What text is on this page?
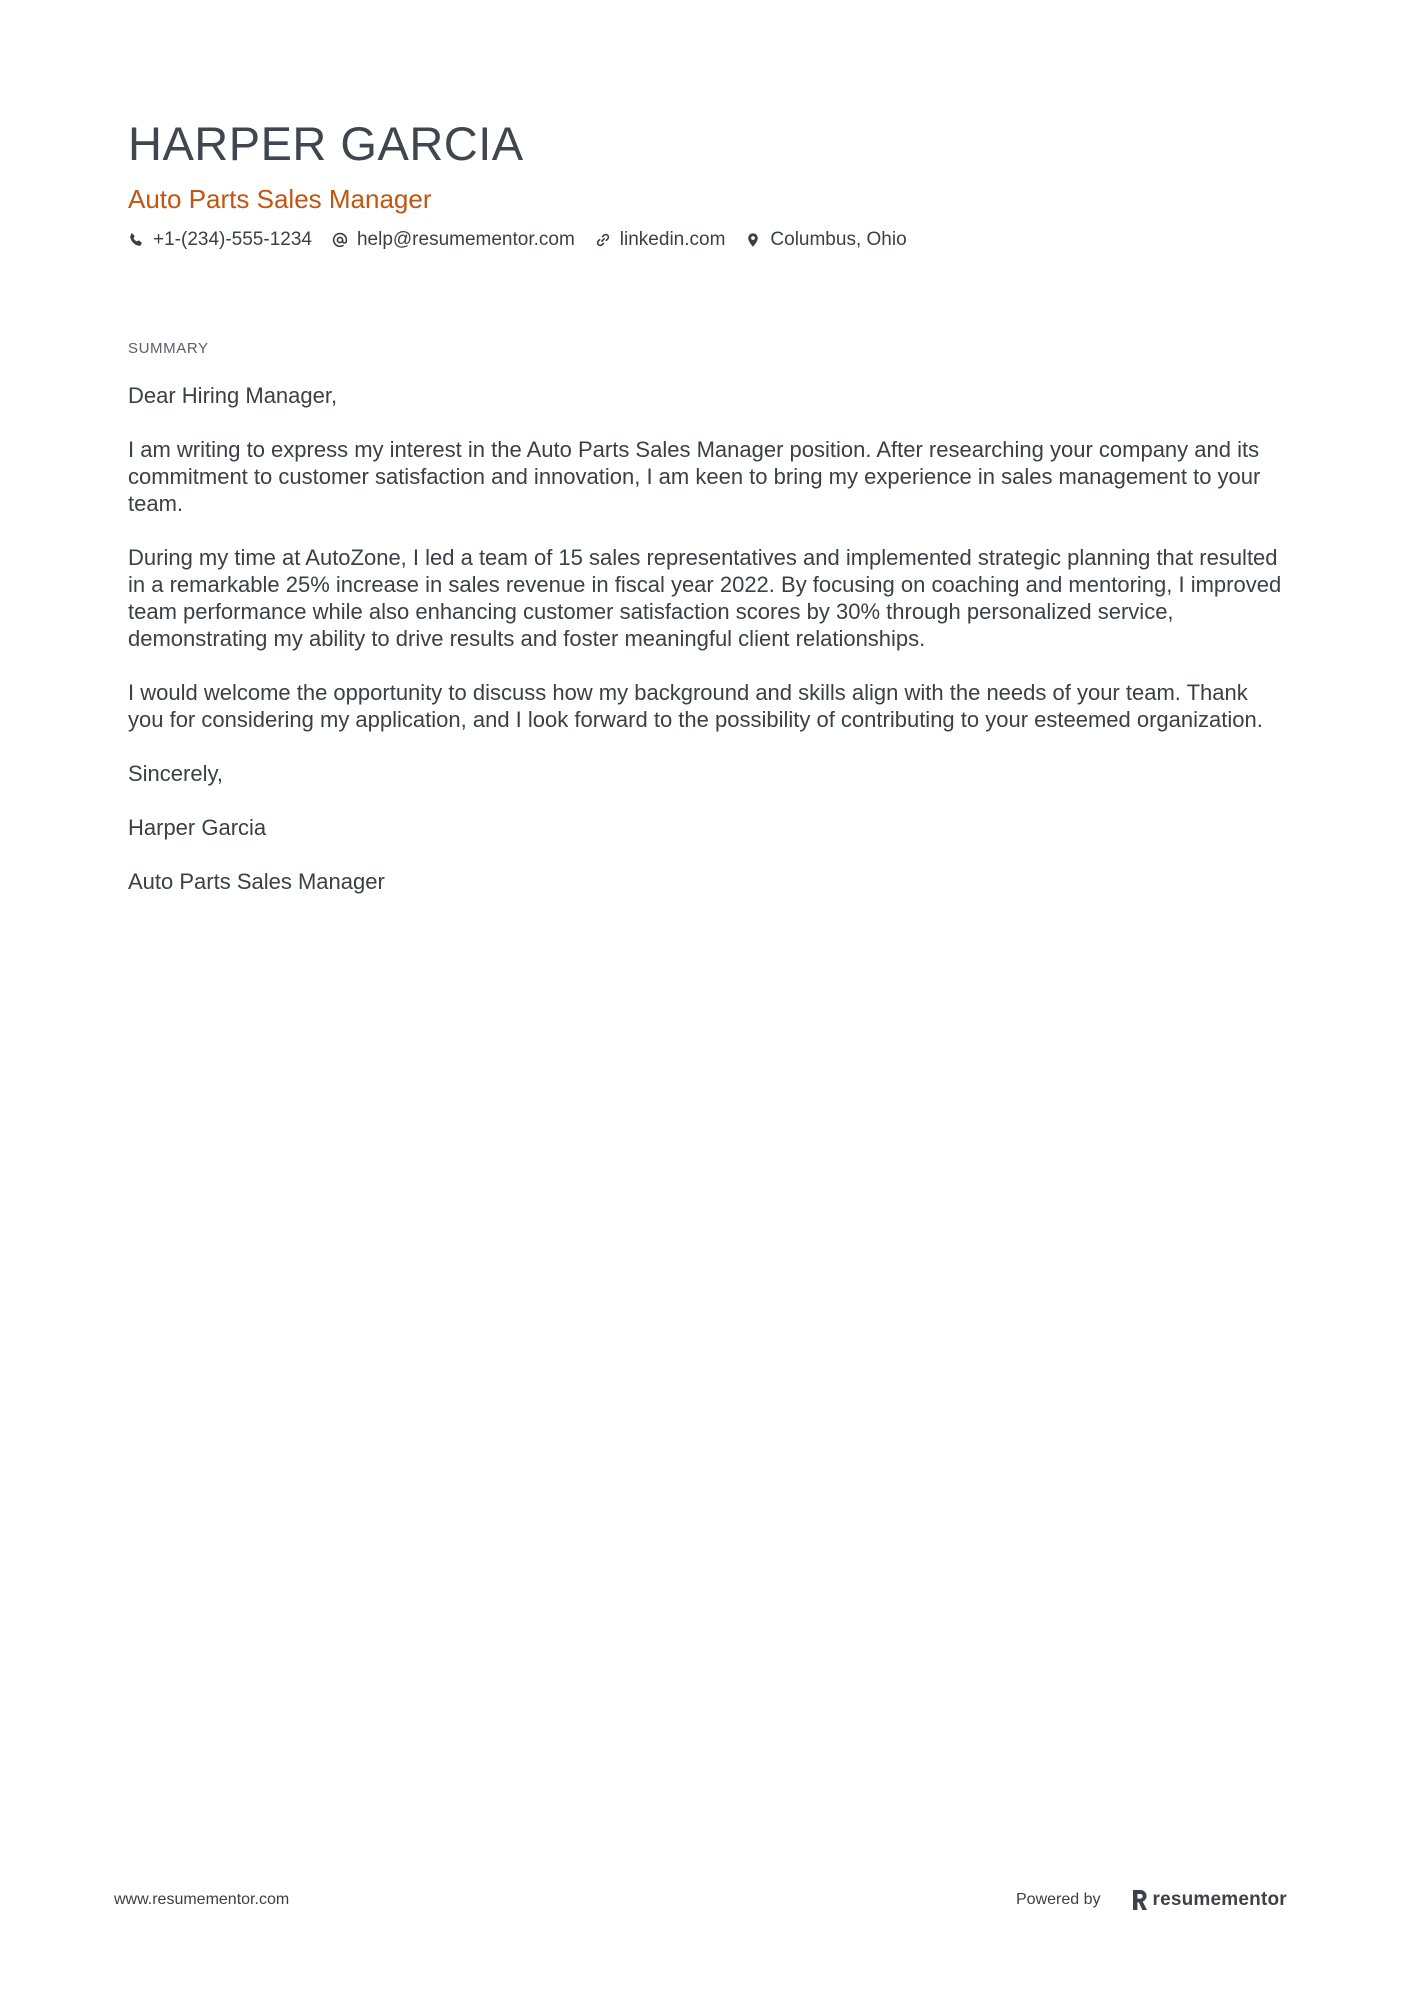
HARPER GARCIA
Auto Parts Sales Manager
+1-(234)-555-1234 help@resumementor.com linkedin.com Columbus, Ohio
SUMMARY

Dear Hiring Manager,

I am writing to express my interest in the Auto Parts Sales Manager position. After researching your company and its commitment to customer satisfaction and innovation, I am keen to bring my experience in sales management to your team.

During my time at AutoZone, I led a team of 15 sales representatives and implemented strategic planning that resulted in a remarkable 25% increase in sales revenue in fiscal year 2022. By focusing on coaching and mentoring, I improved team performance while also enhancing customer satisfaction scores by 30% through personalized service, demonstrating my ability to drive results and foster meaningful client relationships.

I would welcome the opportunity to discuss how my background and skills align with the needs of your team. Thank you for considering my application, and I look forward to the possibility of contributing to your esteemed organization.

Sincerely,

Harper Garcia

Auto Parts Sales Manager

www.resumementor.com	Powered by	resumementor
